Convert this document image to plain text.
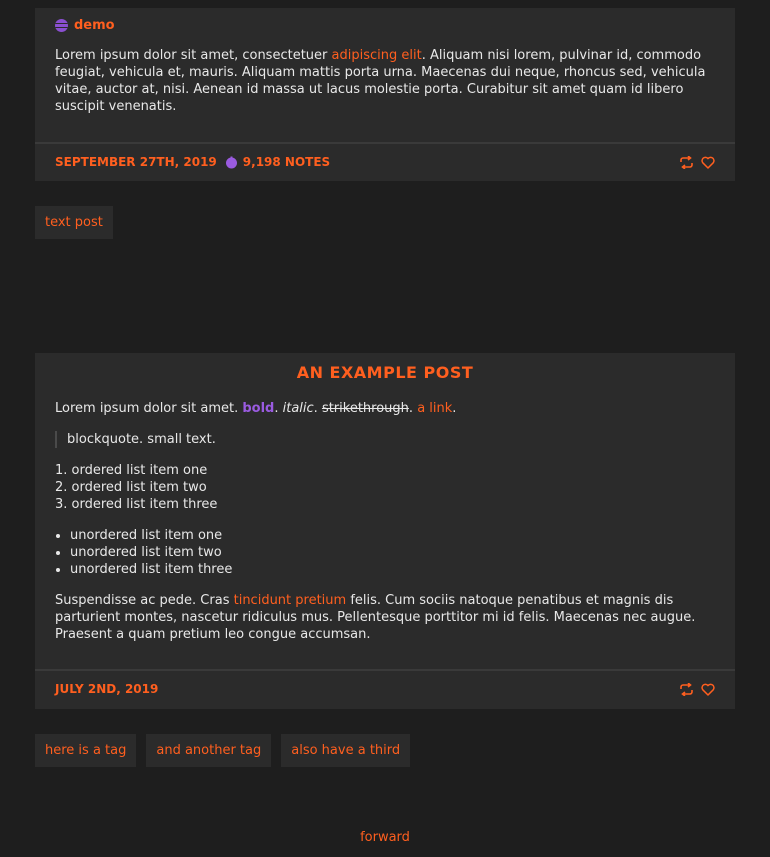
demo

Lorem ipsum dolor sit amet, consectetuer adipiscing elit. Aliquam nisi lorem, pulvinar id, commodo feugiat, vehicula et, mauris. Aliquam mattis porta urna. Maecenas dui neque, rhoncus sed, vehicula vitae, auctor at, nisi. Aenean id massa ut lacus molestie porta. Curabitur sit amet quam id libero suscipit venenatis.

SEPTEMBER 27TH, 2019 9,198 NOTES
text post
AN EXAMPLE POST

Lorem ipsum dolor sit amet. bold. italic. strikethrough. a link.

blockquote. small text.
1. ordered list item one
2. ordered list item two
3. ordered list item three
• unordered list item one
• unordered list item two
• unordered list item three

Suspendisse ac pede. Cras tincidunt pretium felis. Cum sociis natoque penatibus et magnis dis parturient montes, nascetur ridiculus mus. Pellentesque porttitor mi id felis. Maecenas nec augue. Praesent a quam pretium leo congue accumsan.

JULY 2ND, 2019
here is a tag	and another tag	also have a third
forward
